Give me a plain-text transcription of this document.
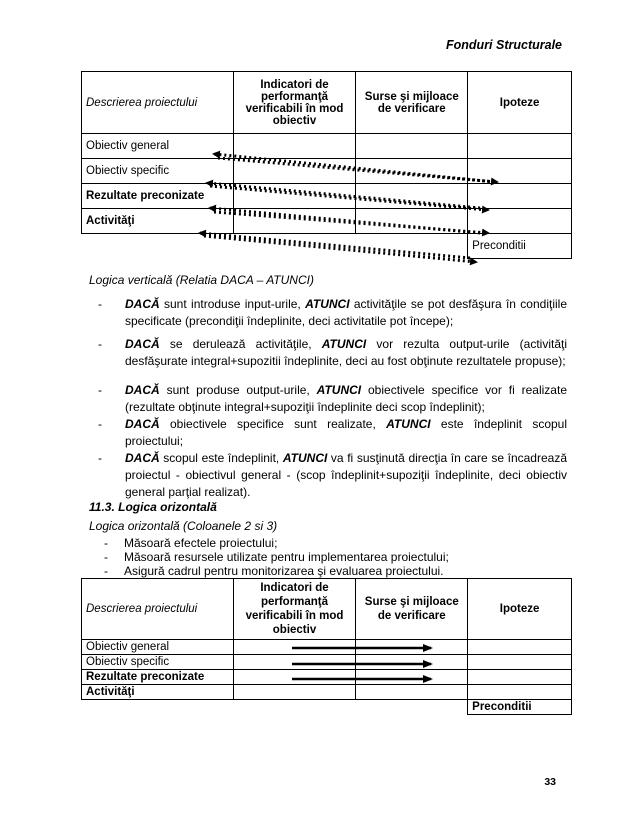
Fonduri Structurale
Descrierea proiectului	Indicatori de performanţă verificabili în mod obiectiv	Surse şi mijloace de verificare	Ipoteze
Obiectiv general			
Obiectiv specific			
Rezultate preconizate			
Activităţi			
			Preconditii
Logica verticală (Relatia DACA – ATUNCI)
- DACĂ sunt introduse input-urile, ATUNCI activităţile se pot desfăşura în condiţiile specificate (precondiţii îndeplinite, deci activitatile pot începe);
- DACĂ se derulează activităţile, ATUNCI vor rezulta output-urile (activităţi desfăşurate integral+supozitii îndeplinite, deci au fost obţinute rezultatele propuse);
- DACĂ sunt produse output-urile, ATUNCI obiectivele specifice vor fi realizate (rezultate obţinute integral+supoziţii îndeplinite deci scop îndeplinit);
- DACĂ obiectivele specifice sunt realizate, ATUNCI este îndeplinit scopul proiectului;
- DACĂ scopul este îndeplinit, ATUNCI va fi susţinută direcţia în care se încadrează proiectul - obiectivul general - (scop îndeplinit+supoziţii îndeplinite, deci obiectiv general parţial realizat).
11.3. Logica orizontală
Logica orizontală (Coloanele 2 si 3)
- Măsoară efectele proiectului;
- Măsoară resursele utilizate pentru implementarea proiectului;
- Asigură cadrul pentru monitorizarea şi evaluarea proiectului.
Descrierea proiectului	Indicatori de performanţă verificabili în mod obiectiv	Surse şi mijloace de verificare	Ipoteze
Obiectiv general			
Obiectiv specific			
Rezultate preconizate			
Activităţi			
			Preconditii
33
